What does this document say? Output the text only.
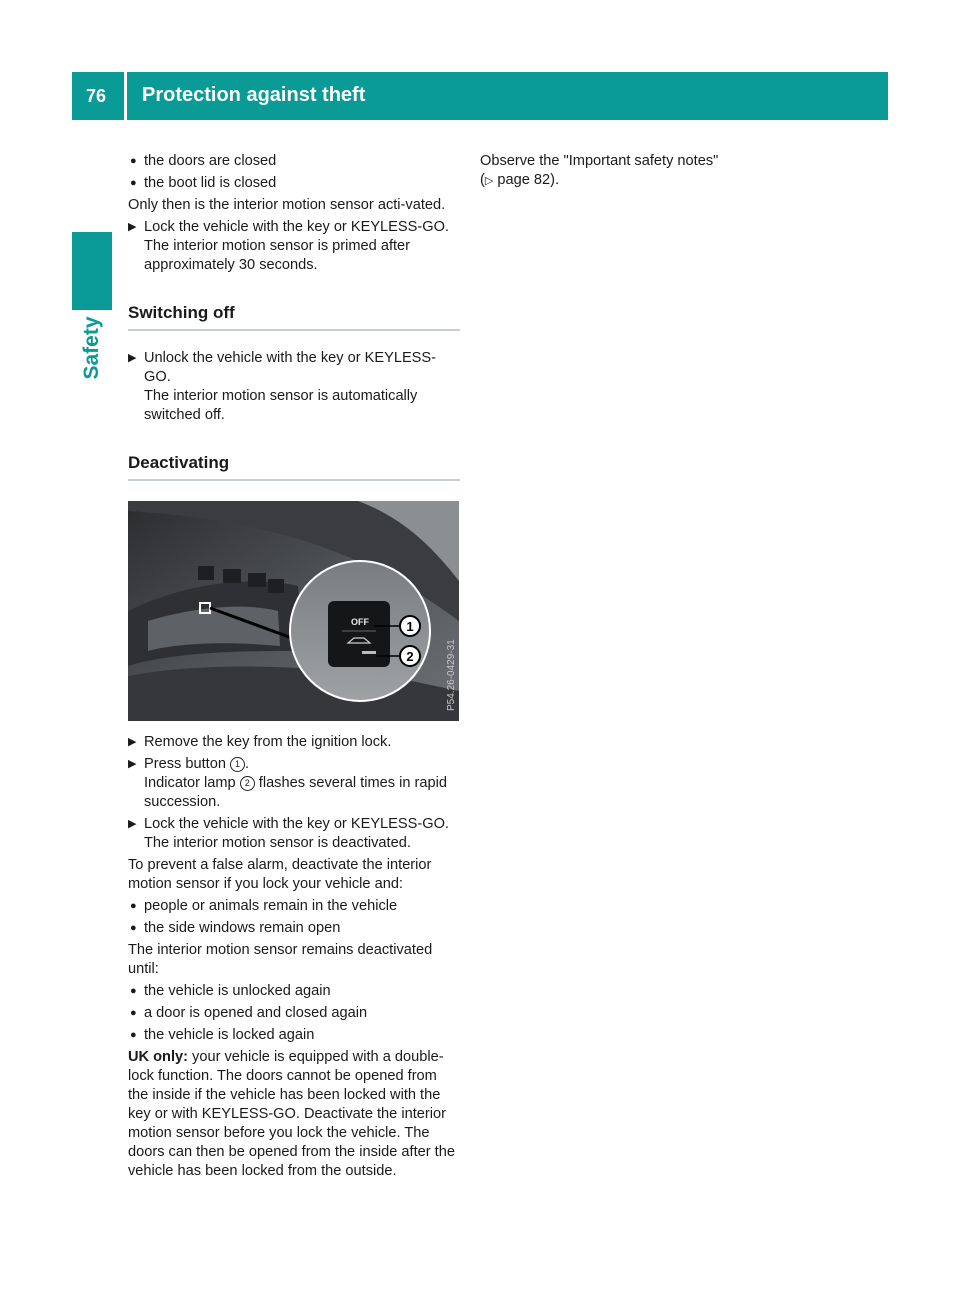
76 Protection against theft
Safety
● the doors are closed
● the boot lid is closed

Only then is the interior motion sensor acti-vated.

▶ Lock the vehicle with the key or KEYLESS-GO.
The interior motion sensor is primed after approximately 30 seconds.
Switching off
▶ Unlock the vehicle with the key or KEYLESS-GO.
The interior motion sensor is automatically switched off.
Deactivating
OFF	1
2	P54.26-0429-31
▶ Remove the key from the ignition lock.
▶ Press button 1 .
Indicator lamp 2 flashes several times in rapid succession.
▶ Lock the vehicle with the key or KEYLESS-GO.
The interior motion sensor is deactivated.

To prevent a false alarm, deactivate the interior motion sensor if you lock your vehicle and:

● people or animals remain in the vehicle
● the side windows remain open

The interior motion sensor remains deactivated until:

● the vehicle is unlocked again
● a door is opened and closed again
● the vehicle is locked again

UK only: your vehicle is equipped with a double-lock function. The doors cannot be opened from the inside if the vehicle has been locked with the key or with KEYLESS-GO. Deactivate the interior motion sensor before you lock the vehicle. The doors can then be opened from the inside after the vehicle has been locked from the outside.

Observe the "Important safety notes"
(▷ page 82).
